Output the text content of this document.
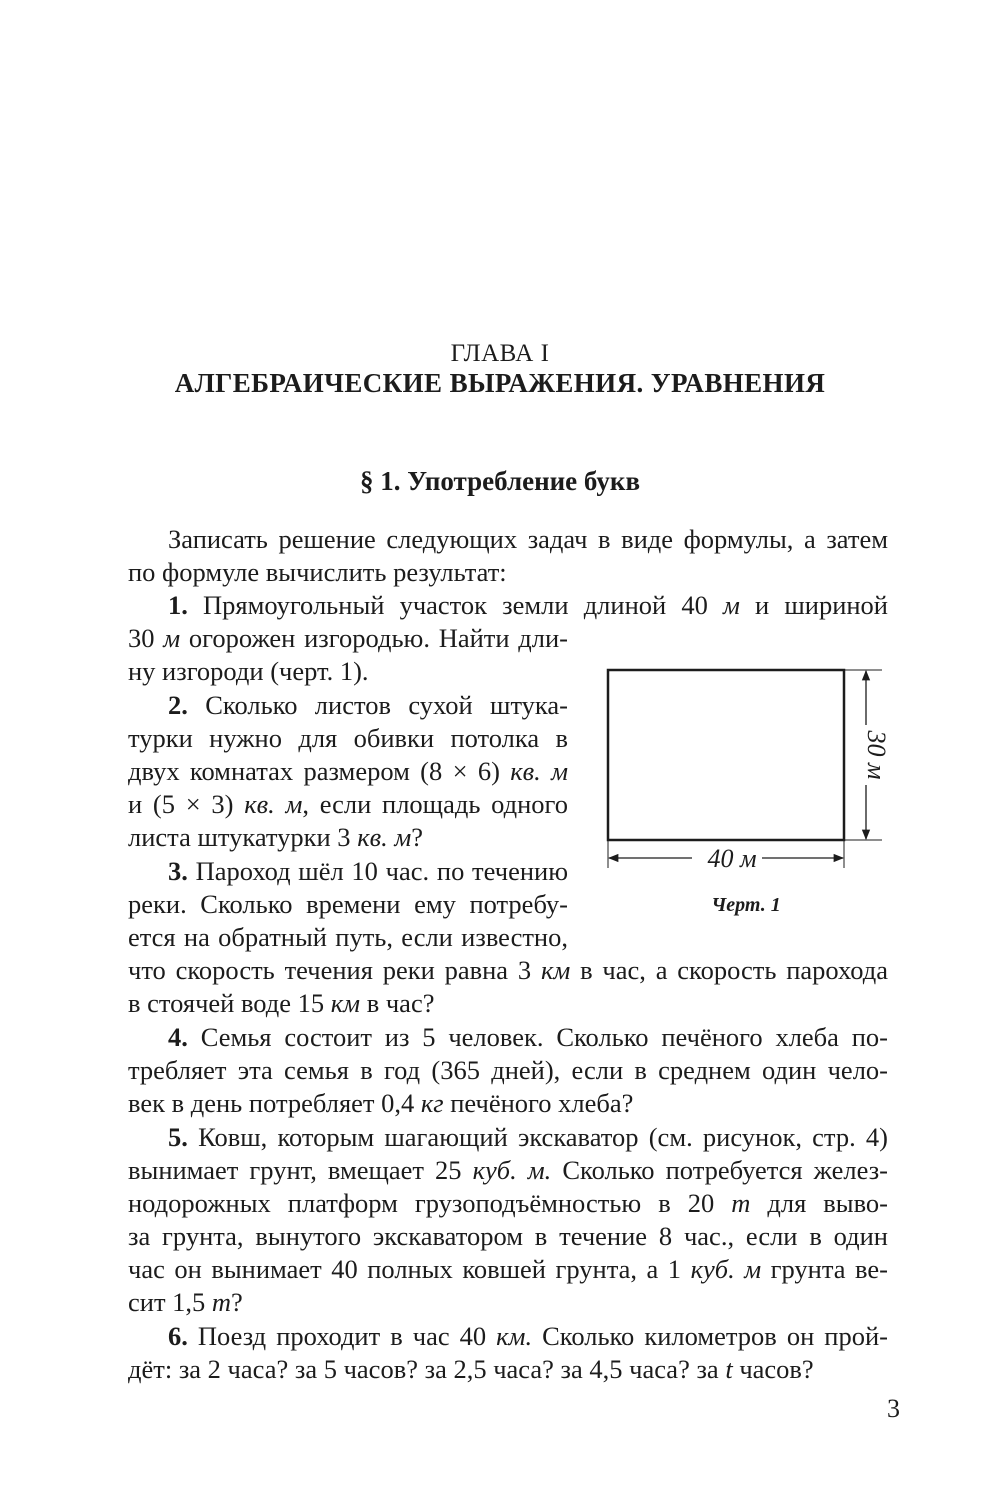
ГЛАВА I
АЛГЕБРАИЧЕСКИЕ ВЫРАЖЕНИЯ. УРАВНЕНИЯ
§ 1. Употребление букв
Записать решение следующих задач в виде формулы, а затем
по формуле вычислить результат:
1. Прямоугольный участок земли длиной 40 м и шириной
30 м огорожен изгородью. Найти дли-
ну изгороди (черт. 1).
2. Сколько листов сухой штука-
турки нужно для обивки потолка в
двух комнатах размером (8 × 6) кв. м
и (5 × 3) кв. м, если площадь одного
листа штукатурки 3 кв. м?
3. Пароход шёл 10 час. по течению
реки. Сколько времени ему потребу-
ется на обратный путь, если известно,
что скорость течения реки равна 3 км в час, а скорость парохода
в стоячей воде 15 км в час?
4. Семья состоит из 5 человек. Сколько печёного хлеба по-
требляет эта семья в год (365 дней), если в среднем один чело-
век в день потребляет 0,4 кг печёного хлеба?
5. Ковш, которым шагающий экскаватор (см. рисунок, стр. 4)
вынимает грунт, вмещает 25 куб. м. Сколько потребуется желез-
нодорожных платформ грузоподъёмностью в 20 т для выво-
за грунта, вынутого экскаватором в течение 8 час., если в один
час он вынимает 40 полных ковшей грунта, а 1 куб. м грунта ве-
сит 1,5 т?
6. Поезд проходит в час 40 км. Сколько километров он прой-
дёт: за 2 часа? за 5 часов? за 2,5 часа? за 4,5 часа? за t часов?
40 м
30 м
Черт. 1
3
